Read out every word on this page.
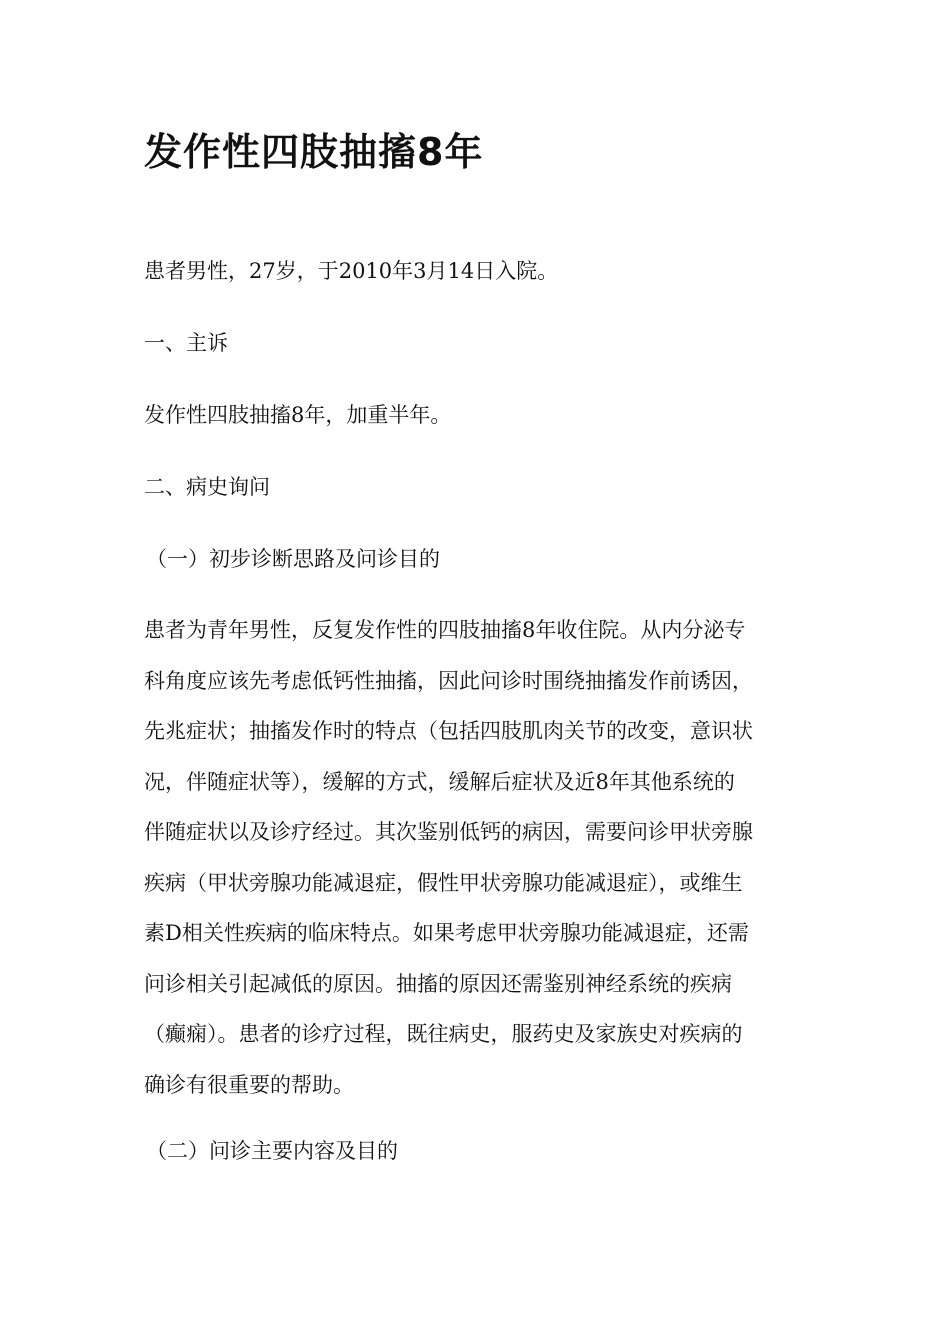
发作性四肢抽搐8年

患者男性，27岁，于2010年3月14日入院。

一、主诉

发作性四肢抽搐8年，加重半年。

二、病史询问

（一）初步诊断思路及问诊目的

患者为青年男性，反复发作性的四肢抽搐8年收住院。从内分泌专
科角度应该先考虑低钙性抽搐，因此问诊时围绕抽搐发作前诱因，
先兆症状；抽搐发作时的特点（包括四肢肌肉关节的改变，意识状
况，伴随症状等），缓解的方式，缓解后症状及近8年其他系统的
伴随症状以及诊疗经过。其次鉴别低钙的病因，需要问诊甲状旁腺
疾病（甲状旁腺功能减退症，假性甲状旁腺功能减退症），或维生
素D相关性疾病的临床特点。如果考虑甲状旁腺功能减退症，还需
问诊相关引起减低的原因。抽搐的原因还需鉴别神经系统的疾病
（癫痫）。患者的诊疗过程，既往病史，服药史及家族史对疾病的
确诊有很重要的帮助。

（二）问诊主要内容及目的
